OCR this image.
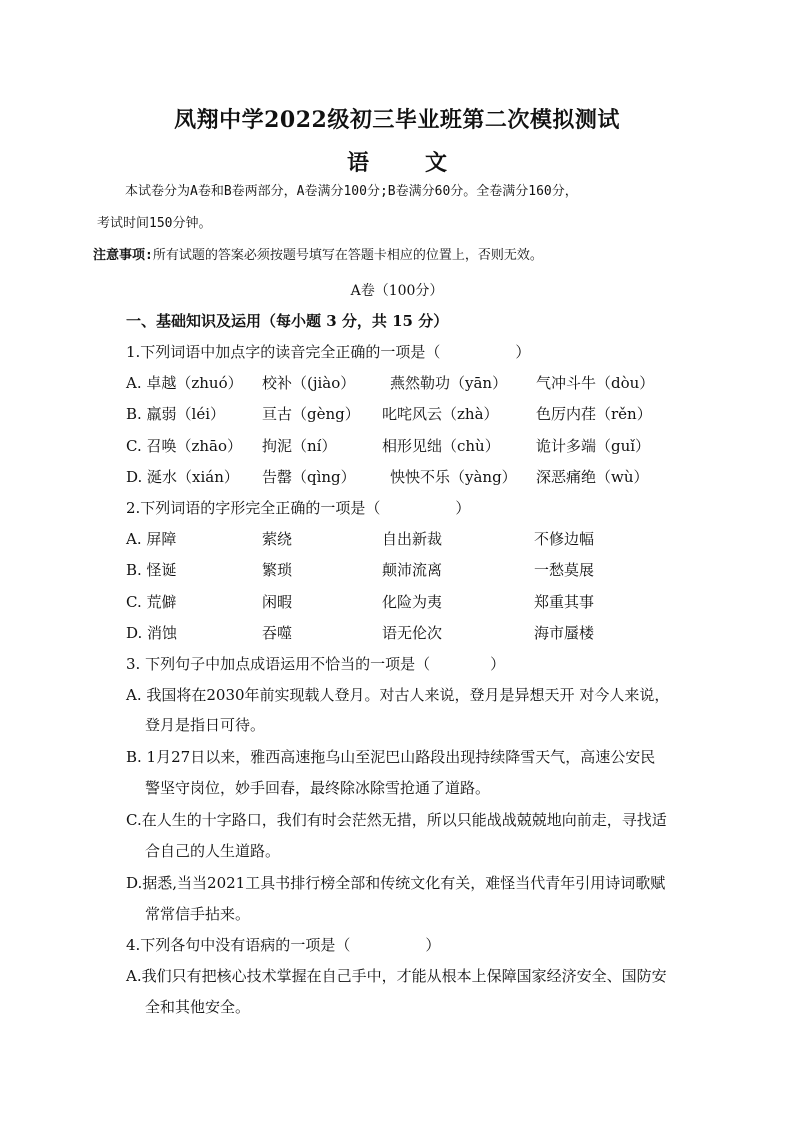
凤翔中学2022级初三毕业班第二次模拟测试
语	文
本试卷分为A卷和B卷两部分，A卷满分100分;B卷满分60分。全卷满分160分，
考试时间150分钟。
注意事项:所有试题的答案必须按题号填写在答题卡相应的位置上，否则无效。
A卷（100分）
一、基础知识及运用（每小题 3 分，共 15 分）
1.下列词语中加点字的读音完全正确的一项是（　　　　　）
A. 卓越（zhuó） 校补（(jiào） 燕然勒功（yān） 气冲斗牛（dòu）
B. 羸弱（léi） 亘古（gèng） 叱咤风云（zhà） 色厉内荏（rěn）
C. 召唤（zhāo） 拘泥（ní）	相形见绌（chù） 诡计多端（guǐ）
D. 涎水（xián） 告罄（qìng） 怏怏不乐（yàng） 深恶痛绝（wù）
2.下列词语的字形完全正确的一项是（　　　　　）
A. 屏障	萦绕	自出新裁	不修边幅
B. 怪诞	繁琐	颠沛流离	一愁莫展
C. 荒僻	闲暇	化险为夷	郑重其事
D. 消蚀	吞噬	语无伦次	海市蜃楼
3. 下列句子中加点成语运用不恰当的一项是（　　　　）
A. 我国将在2030年前实现载人登月。对古人来说，登月是异想天开 对今人来说，
登月是指日可待。
B. 1月27日以来，雅西高速拖乌山至泥巴山路段出现持续降雪天气，高速公安民
警坚守岗位，妙手回春，最终除冰除雪抢通了道路。
C.在人生的十字路口，我们有时会茫然无措，所以只能战战兢兢地向前走，寻找适
合自己的人生道路。
D.据悉,当当2021工具书排行榜全部和传统文化有关，难怪当代青年引用诗词歌赋
常常信手拈来。
4.下列各句中没有语病的一项是（　　　　　）
A.我们只有把核心技术掌握在自己手中，才能从根本上保障国家经济安全、国防安
全和其他安全。
